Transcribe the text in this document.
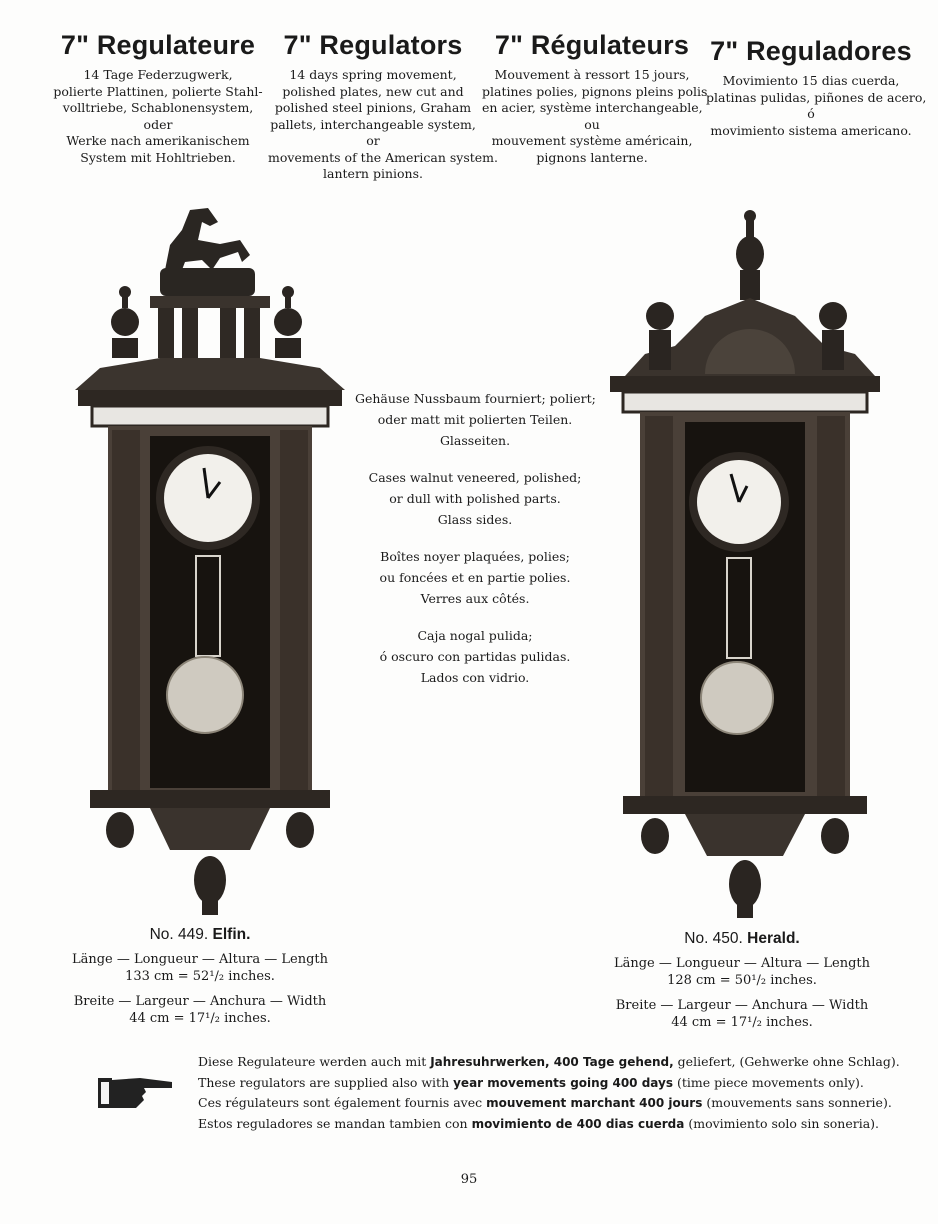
7" Regulateure
14 Tage Federzugwerk,
polierte Plattinen, polierte Stahl-
volltriebe, Schablonensystem,
oder
Werke nach amerikanischem
System mit Hohltrieben.
7" Regulators
14 days spring movement,
polished plates, new cut and
polished steel pinions, Graham
pallets, interchangeable system,
or
movements of the American system.
lantern pinions.
7" Régulateurs
Mouvement à ressort 15 jours,
platines polies, pignons pleins polis
en acier, système interchangeable,
ou
mouvement système américain,
pignons lanterne.
7" Reguladores
Movimiento 15 dias cuerda,
platinas pulidas, piñones de acero,
ó
movimiento sistema americano.
Gehäuse Nussbaum fourniert; poliert;
oder matt mit polierten Teilen.
Glasseiten.
Cases walnut veneered, polished;
or dull with polished parts.
Glass sides.
Boîtes noyer plaquées, polies;
ou foncées et en partie polies.
Verres aux côtés.
Caja nogal pulida;
ó oscuro con partidas pulidas.
Lados con vidrio.
No. 449. Elfin.
Länge — Longueur — Altura — Length
133 cm = 52¹/₂ inches.
Breite — Largeur — Anchura — Width
44 cm = 17¹/₂ inches.
No. 450. Herald.
Länge — Longueur — Altura — Length
128 cm = 50¹/₂ inches.
Breite — Largeur — Anchura — Width
44 cm = 17¹/₂ inches.
Diese Regulateure werden auch mit Jahresuhrwerken, 400 Tage gehend, geliefert, (Gehwerke ohne Schlag).
These regulators are supplied also with year movements going 400 days (time piece movements only).
Ces régulateurs sont également fournis avec mouvement marchant 400 jours (mouvements sans sonnerie).
Estos reguladores se mandan tambien con movimiento de 400 dias cuerda (movimiento solo sin soneria).
95
